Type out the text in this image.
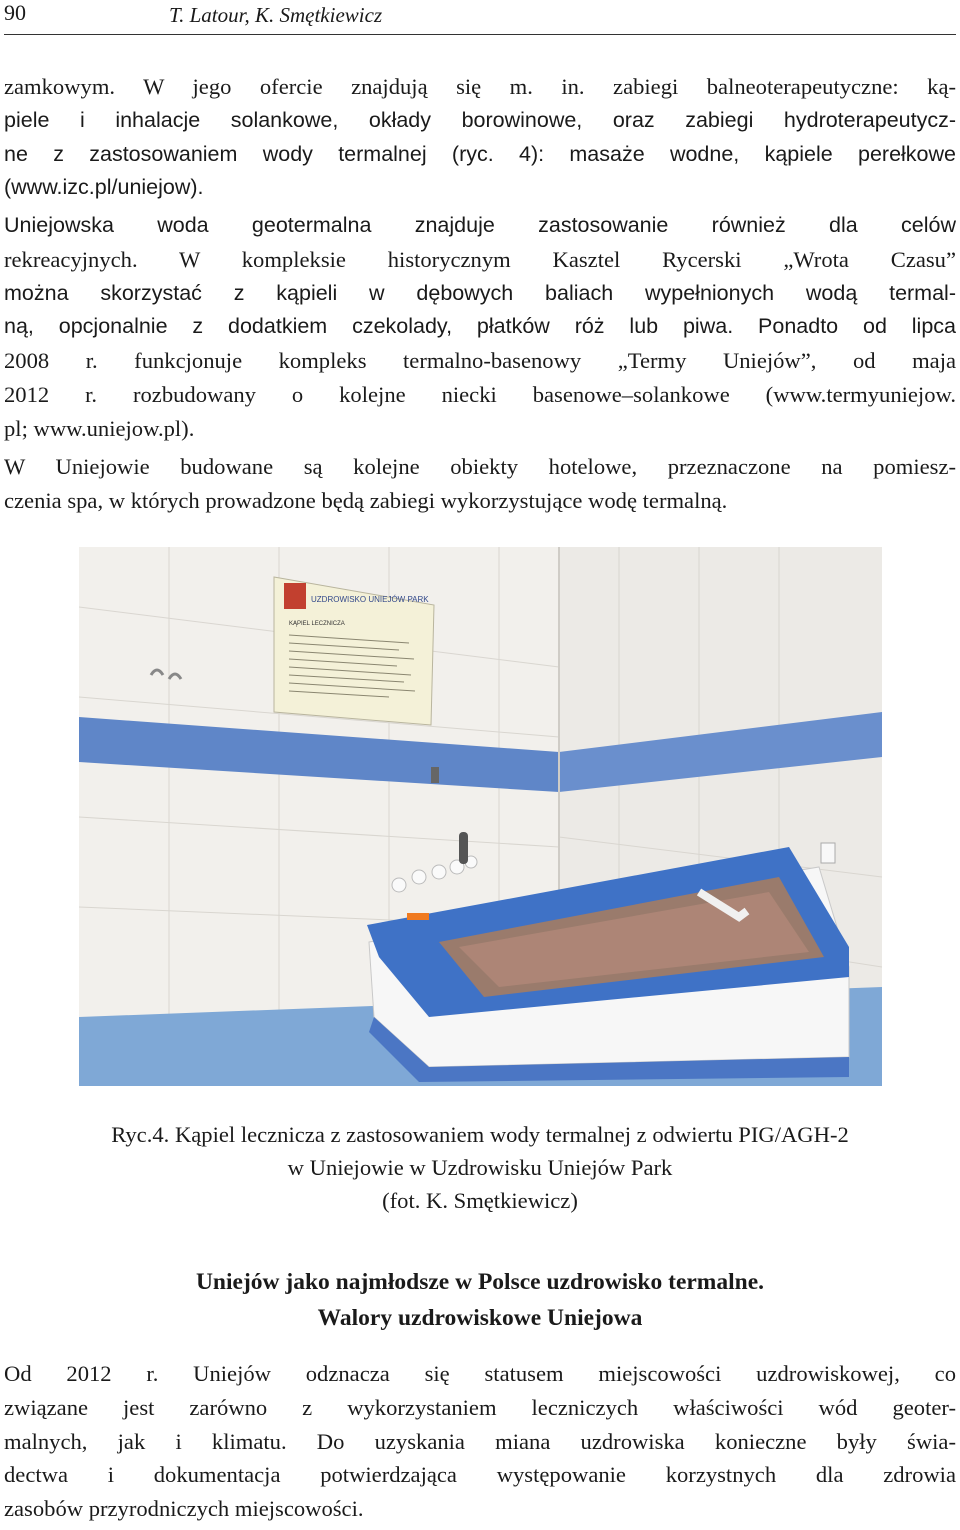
90	T. Latour, K. Smętkiewicz

zamkowym. W jego ofercie znajdują się m. in. zabiegi balneoterapeutyczne: ką-
piele i inhalacje solankowe, okłady borowinowe, oraz zabiegi hydroterapeutycz-
ne z zastosowaniem wody termalnej (ryc. 4): masaże wodne, kąpiele perełkowe
(www.izc.pl/uniejow).

Uniejowska woda geotermalna znajduje zastosowanie również dla celów
rekreacyjnych. W kompleksie historycznym Kasztel Rycerski „Wrota Czasu”
można skorzystać z kąpieli w dębowych baliach wypełnionych wodą termal-
ną, opcjonalnie z dodatkiem czekolady, płatków róż lub piwa. Ponadto od lipca
2008 r. funkcjonuje kompleks termalno-basenowy „Termy Uniejów”, od maja
2012 r. rozbudowany o kolejne niecki basenowe–solankowe (www.termyuniejow.
pl; www.uniejow.pl).

W Uniejowie budowane są kolejne obiekty hotelowe, przeznaczone na pomiesz-
czenia spa, w których prowadzone będą zabiegi wykorzystujące wodę termalną.

UZDROWISKO UNIEJÓW PARK
KĄPIEL LECZNICZA
Ryc.4. Kąpiel lecznicza z zastosowaniem wody termalnej z odwiertu PIG/AGH-2
w Uniejowie w Uzdrowisku Uniejów Park
(fot. K. Smętkiewicz)
Uniejów jako najmłodsze w Polsce uzdrowisko termalne.
Walory uzdrowiskowe Uniejowa

Od 2012 r. Uniejów odznacza się statusem miejscowości uzdrowiskowej, co
związane jest zarówno z wykorzystaniem leczniczych właściwości wód geoter-
malnych, jak i klimatu. Do uzyskania miana uzdrowiska konieczne były świa-
dectwa i dokumentacja potwierdzająca występowanie korzystnych dla zdrowia
zasobów przyrodniczych miejscowości.
